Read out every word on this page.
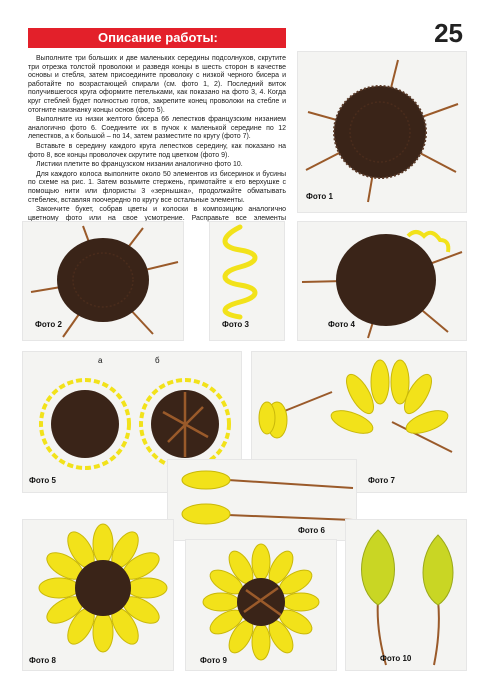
Описание работы:	25

Выполните три больших и две маленьких середины подсолнухов, скрутите три отрезка толстой проволоки и разведя концы в шесть сторон в качестве основы и стебля, затем присоедините проволоку с низкой черного бисера и работайте по возрастающей спирали (см. фото 1, 2). Последний виток получившегося круга оформите петельками, как показано на фото 3, 4. Когда круг стеблей будет полностью готов, закрепите конец проволоки на стебле и отогните наизнанку концы основ (фото 5).

Выполните из низки желтого бисера 66 лепестков французским низанием аналогично фото 6. Соедините их в пучок к маленькой середине по 12 лепестков, а к большой – по 14, затем разместите по кругу (фото 7).

Вставьте в середину каждого круга лепестков середину, как показано на фото 8, все концы проволочек скрутите под цветком (фото 9).

Листики плетите во французском низании аналогично фото 10.

Для каждого колоса выполните около 50 элементов из бисеринок и бусины по схеме на рис. 1. Затем возьмите стержень, примотайте к его верхушке с помощью нити или флористы 3 «зернышка», продолжайте обматывать стебелек, вставляя поочередно по кругу все остальные элементы.

Закончите букет, собрав цветы и колоски в композицию аналогично цветному фото или на свое усмотрение. Расправьте все элементы

Фото 1
Фото 2	Фото 3	Фото 4
а	б
Фото 5	Фото 7
Фото 6
Фото 8	Фото 9	Фото 10
